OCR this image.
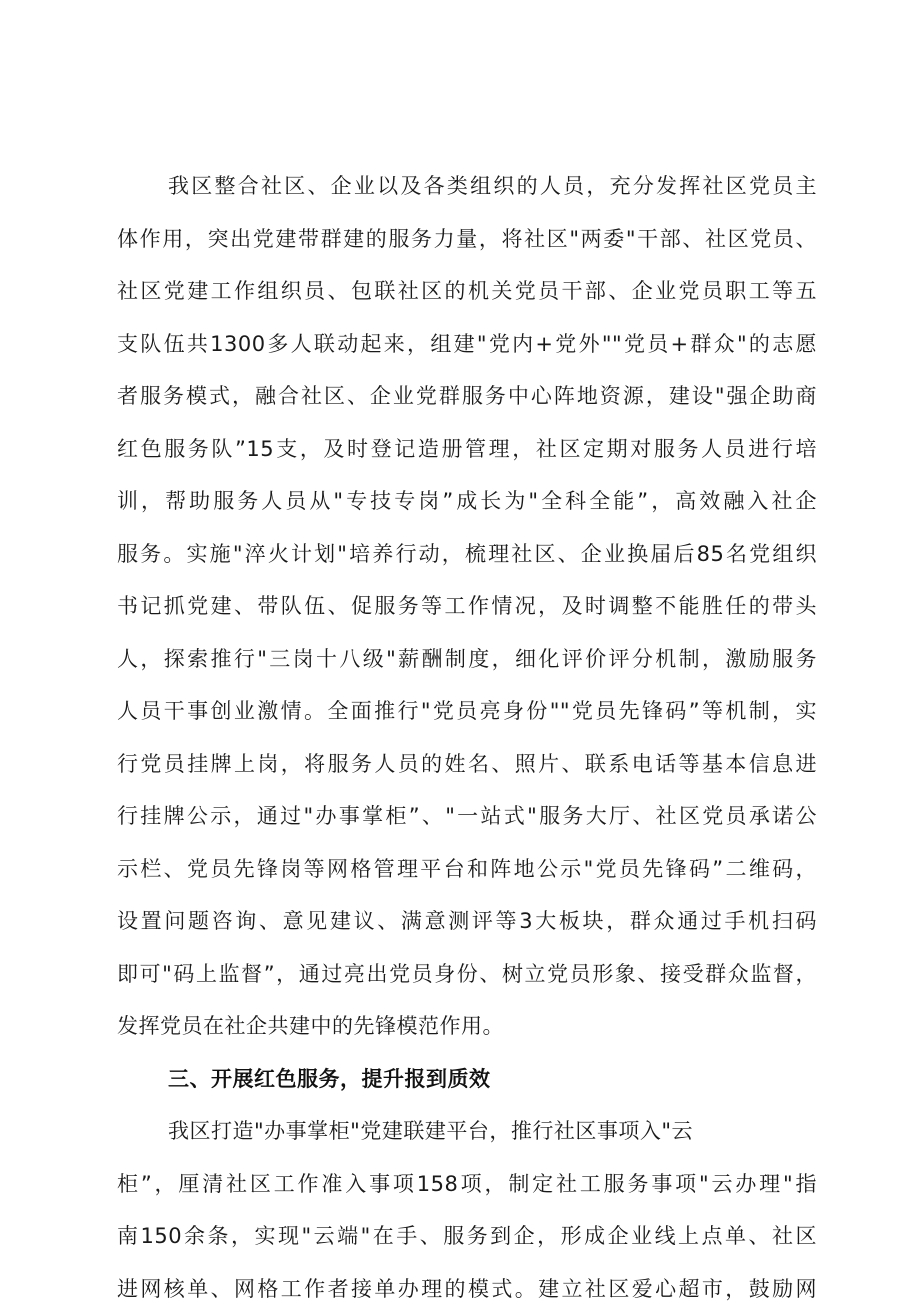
我区整合社区、企业以及各类组织的人员，充分发挥社区党员主
体作用，突出党建带群建的服务力量，将社区"两委"干部、社区党员、
社区党建工作组织员、包联社区的机关党员干部、企业党员职工等五
支队伍共1300多人联动起来，组建"党内+党外""党员+群众"的志愿
者服务模式，融合社区、企业党群服务中心阵地资源，建设"强企助商
红色服务队”15支，及时登记造册管理，社区定期对服务人员进行培
训，帮助服务人员从"专技专岗”成长为"全科全能”，高效融入社企
服务。实施"淬火计划"培养行动，梳理社区、企业换届后85名党组织
书记抓党建、带队伍、促服务等工作情况，及时调整不能胜任的带头
人，探索推行"三岗十八级"薪酬制度，细化评价评分机制，激励服务
人员干事创业激情。全面推行"党员亮身份""党员先锋码”等机制，实
行党员挂牌上岗，将服务人员的姓名、照片、联系电话等基本信息进
行挂牌公示，通过"办事掌柜”、"一站式"服务大厅、社区党员承诺公
示栏、党员先锋岗等网格管理平台和阵地公示"党员先锋码”二维码，
设置问题咨询、意见建议、满意测评等3大板块，群众通过手机扫码
即可"码上监督”，通过亮出党员身份、树立党员形象、接受群众监督，
发挥党员在社企共建中的先锋模范作用。
三、开展红色服务，提升报到质效
我区打造"办事掌柜"党建联建平台，推行社区事项入"云
柜”，厘清社区工作准入事项158项，制定社工服务事项"云办理"指
南150余条，实现"云端"在手、服务到企，形成企业线上点单、社区
进网核单、网格工作者接单办理的模式。建立社区爱心超市，鼓励网
